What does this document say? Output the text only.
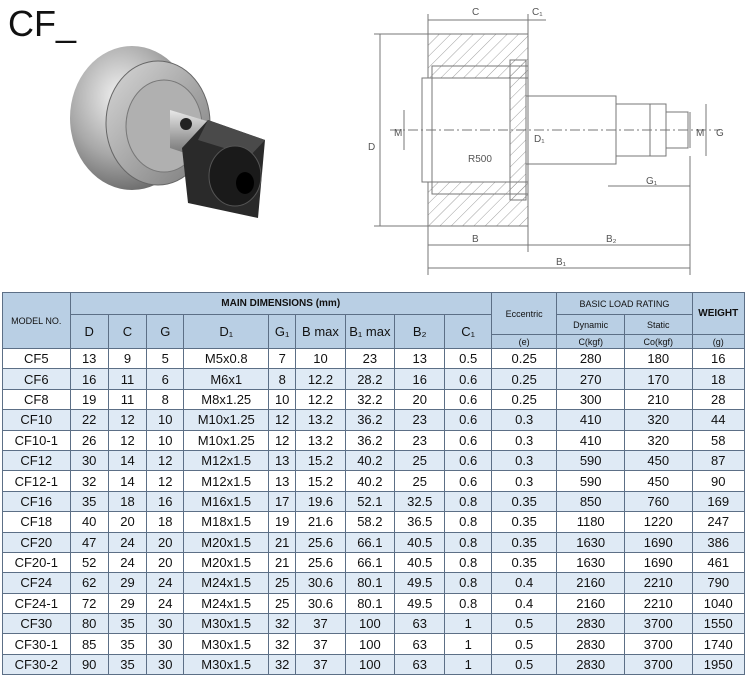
CF_	C	C₁
D
M
D₁
R500
M G
G₁
B	B₂
B₁
MODEL NO.	MAIN DIMENSIONS (mm)									Eccentric	BASIC LOAD RATING		WEIGHT
	D	C	G	D₁	G₁	B max	B₁ max	B₂	C₁		Dynamic	Static	
										(e)	C(kgf)	Co(kgf)	(g)
CF5	13	9	5	M5x0.8	7	10	23	13	0.5	0.25	280	180	16
CF6	16	11	6	M6x1	8	12.2	28.2	16	0.6	0.25	270	170	18
CF8	19	11	8	M8x1.25	10	12.2	32.2	20	0.6	0.25	300	210	28
CF10	22	12	10	M10x1.25	12	13.2	36.2	23	0.6	0.3	410	320	44
CF10-1	26	12	10	M10x1.25	12	13.2	36.2	23	0.6	0.3	410	320	58
CF12	30	14	12	M12x1.5	13	15.2	40.2	25	0.6	0.3	590	450	87
CF12-1	32	14	12	M12x1.5	13	15.2	40.2	25	0.6	0.3	590	450	90
CF16	35	18	16	M16x1.5	17	19.6	52.1	32.5	0.8	0.35	850	760	169
CF18	40	20	18	M18x1.5	19	21.6	58.2	36.5	0.8	0.35	1180	1220	247
CF20	47	24	20	M20x1.5	21	25.6	66.1	40.5	0.8	0.35	1630	1690	386
CF20-1	52	24	20	M20x1.5	21	25.6	66.1	40.5	0.8	0.35	1630	1690	461
CF24	62	29	24	M24x1.5	25	30.6	80.1	49.5	0.8	0.4	2160	2210	790
CF24-1	72	29	24	M24x1.5	25	30.6	80.1	49.5	0.8	0.4	2160	2210	1040
CF30	80	35	30	M30x1.5	32	37	100	63	1	0.5	2830	3700	1550
CF30-1	85	35	30	M30x1.5	32	37	100	63	1	0.5	2830	3700	1740
CF30-2	90	35	30	M30x1.5	32	37	100	63	1	0.5	2830	3700	1950
